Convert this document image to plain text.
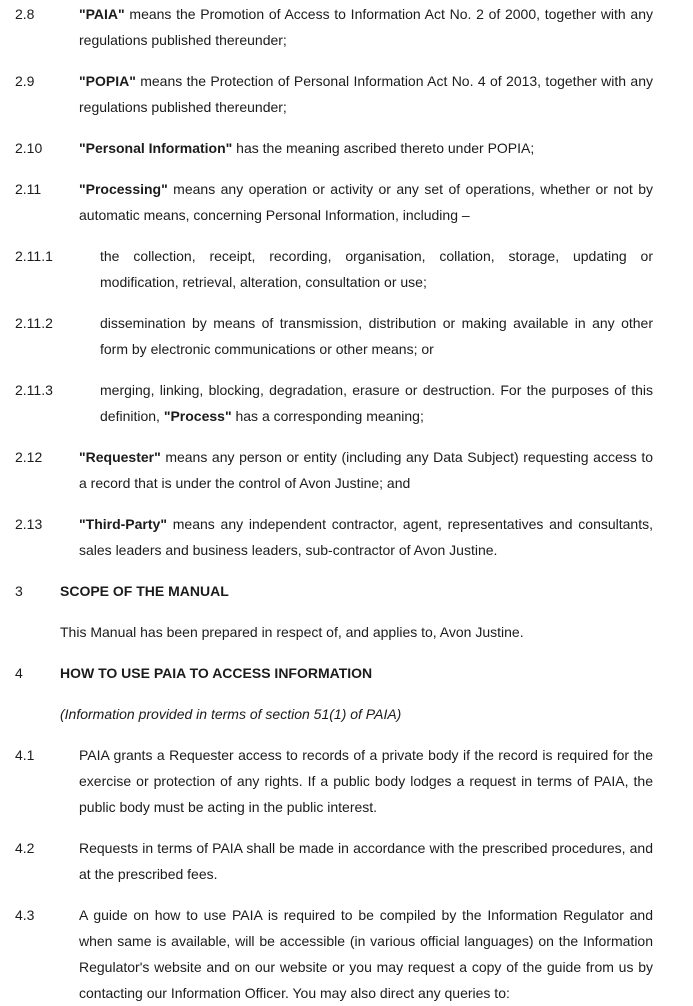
2.8	"PAIA" means the Promotion of Access to Information Act No. 2 of 2000, together with any regulations published thereunder;
2.9	"POPIA" means the Protection of Personal Information Act No. 4 of 2013, together with any regulations published thereunder;
2.10	"Personal Information" has the meaning ascribed thereto under POPIA;
2.11	"Processing" means any operation or activity or any set of operations, whether or not by automatic means, concerning Personal Information, including –
2.11.1	the collection, receipt, recording, organisation, collation, storage, updating or modification, retrieval, alteration, consultation or use;
2.11.2	dissemination by means of transmission, distribution or making available in any other form by electronic communications or other means; or
2.11.3	merging, linking, blocking, degradation, erasure or destruction. For the purposes of this definition, "Process" has a corresponding meaning;
2.12	"Requester" means any person or entity (including any Data Subject) requesting access to a record that is under the control of Avon Justine; and
2.13	"Third-Party" means any independent contractor, agent, representatives and consultants, sales leaders and business leaders, sub-contractor of Avon Justine.
3	SCOPE OF THE MANUAL
This Manual has been prepared in respect of, and applies to, Avon Justine.
4	HOW TO USE PAIA TO ACCESS INFORMATION
(Information provided in terms of section 51(1) of PAIA)
4.1	PAIA grants a Requester access to records of a private body if the record is required for the exercise or protection of any rights. If a public body lodges a request in terms of PAIA, the public body must be acting in the public interest.
4.2	Requests in terms of PAIA shall be made in accordance with the prescribed procedures, and at the prescribed fees.
4.3	A guide on how to use PAIA is required to be compiled by the Information Regulator and when same is available, will be accessible (in various official languages) on the Information Regulator's website and on our website or you may request a copy of the guide from us by contacting our Information Officer. You may also direct any queries to:
